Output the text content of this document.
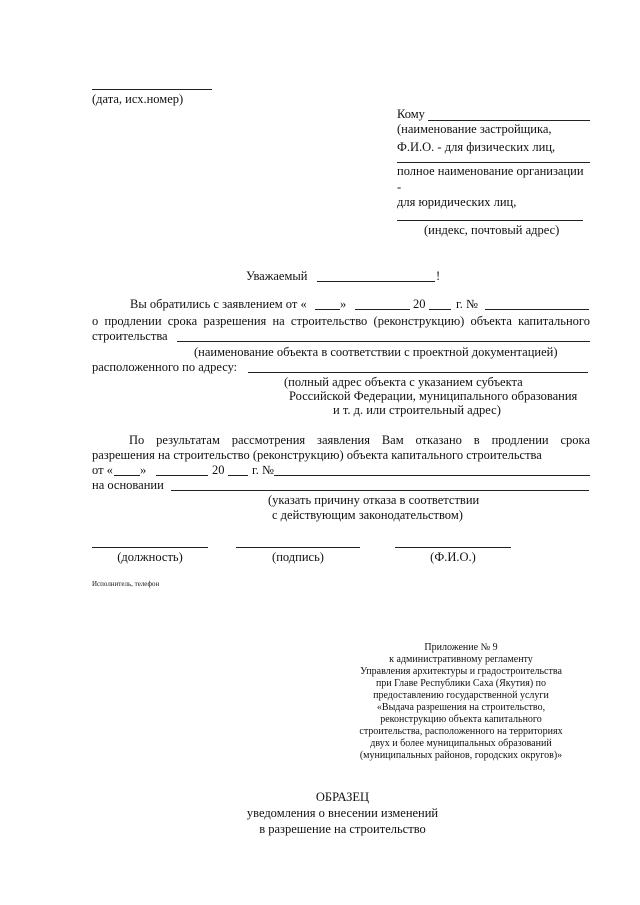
(дата, исх.номер)
Кому
(наименование застройщика,
Ф.И.О. - для физических лиц,
полное наименование организации
-
для юридических лиц,
(индекс, почтовый адрес)
Уважаемый	!
Вы обратились с заявлением от «	»	20 г. №
о продлении срока разрешения на строительство (реконструкцию) объекта капитального
строительства
(наименование объекта в соответствии с проектной документацией)
расположенного по адресу:
(полный адрес объекта с указанием субъекта
Российской Федерации, муниципального образования
и т. д. или строительный адрес)
По результатам рассмотрения заявления Вам отказано в продлении срока
разрешения на строительство (реконструкцию) объекта капитального строительства
от « »	20 г. №
на основании
(указать причину отказа в соответствии
с действующим законодательством)
(должность)	(подпись)	(Ф.И.О.)
Исполнитель, телефон
Приложение № 9
к административному регламенту
Управления архитектуры и градостроительства
при Главе Республики Саха (Якутия) по
предоставлению государственной услуги
«Выдача разрешения на строительство,
реконструкцию объекта капитального
строительства, расположенного на территориях
двух и более муниципальных образований
(муниципальных районов, городских округов)»
ОБРАЗЕЦ
уведомления о внесении изменений
в разрешение на строительство
